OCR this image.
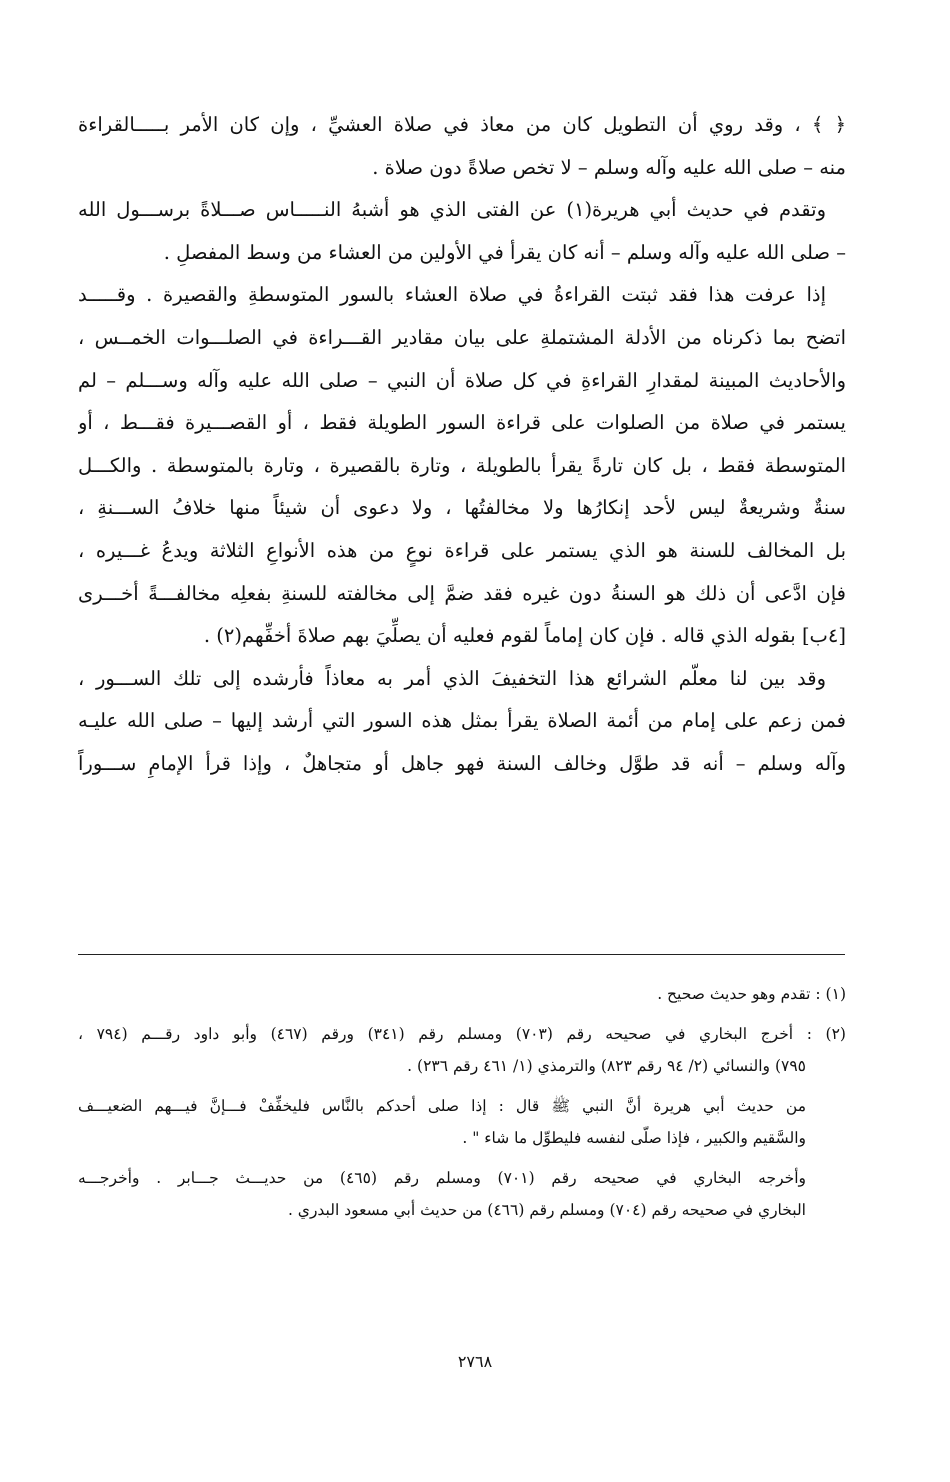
﴿ ﴾ ، وقد روي أن التطويل كان من معاذ في صلاة العشيِّ ، وإن كان الأمر بـــــالقراءة
منه – صلى الله عليه وآله وسلم – لا تخص صلاةً دون صلاة .
وتقدم في حديث أبي هريرة(١) عن الفتى الذي هو أشبهُ النـــــاس صـــلاةً برســـول الله
– صلى الله عليه وآله وسلم – أنه كان يقرأ في الأولين من العشاء من وسط المفصلِ .
إذا عرفت هذا فقد ثبتت القراءةُ في صلاة العشاء بالسور المتوسطةِ والقصيرة . وقـــــد
اتضح بما ذكرناه من الأدلة المشتملةِ على بيان مقادير القـــراءة في الصلـــوات الخمــس ،
والأحاديث المبينة لمقدارِ القراءةِ في كل صلاة أن النبي – صلى الله عليه وآله وســـلم – لم
يستمر في صلاة من الصلوات على قراءة السور الطويلة فقط ، أو القصـــيرة فقـــط ، أو
المتوسطة فقط ، بل كان تارةً يقرأ بالطويلة ، وتارة بالقصيرة ، وتارة بالمتوسطة . والكـــل
سنةٌ وشريعةٌ ليس لأحد إنكارُها ولا مخالفتُها ، ولا دعوى أن شيئاً منها خلافُ الســـنةِ ،
بل المخالف للسنة هو الذي يستمر على قراءة نوعٍ من هذه الأنواعِ الثلاثة ويدعُ غـــيره ،
فإن ادَّعى أن ذلك هو السنةُ دون غيره فقد ضمَّ إلى مخالفته للسنةِ بفعلِه مخالفـــةً أخـــرى
[٤ب] بقوله الذي قاله . فإن كان إماماً لقوم فعليه أن يصلِّيَ بهم صلاةَ أخفِّهم(٢) .
وقد بين لنا معلّم الشرائع هذا التخفيفَ الذي أمر به معاذاً فأرشده إلى تلك الســـور ،
فمن زعم على إمام من أئمة الصلاة يقرأ بمثل هذه السور التي أرشد إليها – صلى الله عليـه
وآله وسلم – أنه قد طوَّل وخالف السنة فهو جاهل أو متجاهلٌ ، وإذا قرأ الإمامِ ســـوراً
(١) : تقدم وهو حديث صحيح .
(٢) : أخرج البخاري في صحيحه رقم (٧٠٣) ومسلم رقم (٣٤١) ورقم (٤٦٧) وأبو داود رقـــم (٧٩٤ ،
٧٩٥) والنسائي (٢/ ٩٤ رقم ٨٢٣) والترمذي (١/ ٤٦١ رقم ٢٣٦) .
من حديث أبي هريرة أنَّ النبي ﷺ قال : إذا صلى أحدكم بالنَّاس فليخفِّفْ فـــإنَّ فيـــهم الضعيـــف
والسَّقيم والكبير ، فإذا صلّى لنفسه فليطوِّل ما شاء " .
وأخرجه البخاري في صحيحه رقم (٧٠١) ومسلم رقم (٤٦٥) من حديـــث جـــابر . وأخرجـــه
البخاري في صحيحه رقم (٧٠٤) ومسلم رقم (٤٦٦) من حديث أبي مسعود البدري .
٢٧٦٨
